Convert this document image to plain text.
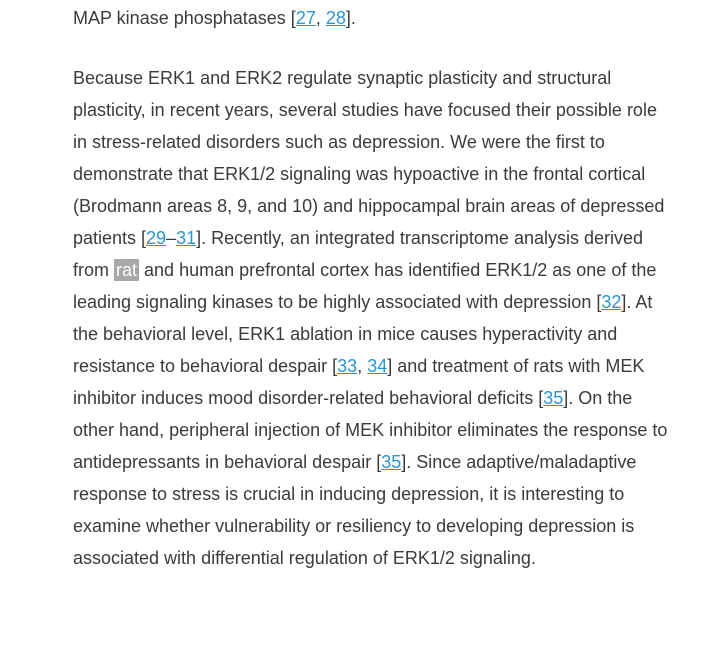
MAP kinase phosphatases [27, 28].

Because ERK1 and ERK2 regulate synaptic plasticity and structural plasticity, in recent years, several studies have focused their possible role in stress-related disorders such as depression. We were the first to demonstrate that ERK1/2 signaling was hypoactive in the frontal cortical (Brodmann areas 8, 9, and 10) and hippocampal brain areas of depressed patients [29–31]. Recently, an integrated transcriptome analysis derived from rat and human prefrontal cortex has identified ERK1/2 as one of the leading signaling kinases to be highly associated with depression [32]. At the behavioral level, ERK1 ablation in mice causes hyperactivity and resistance to behavioral despair [33, 34] and treatment of rats with MEK inhibitor induces mood disorder-related behavioral deficits [35]. On the other hand, peripheral injection of MEK inhibitor eliminates the response to antidepressants in behavioral despair [35]. Since adaptive/maladaptive response to stress is crucial in inducing depression, it is interesting to examine whether vulnerability or resiliency to developing depression is associated with differential regulation of ERK1/2 signaling.
